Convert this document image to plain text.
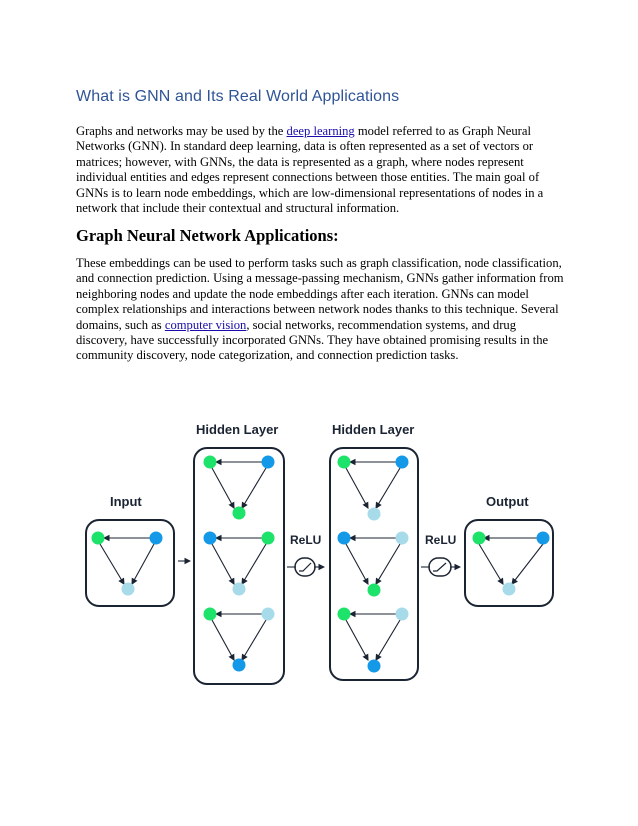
What is GNN and Its Real World Applications

Graphs and networks may be used by the deep learning model referred to as Graph Neural Networks (GNN). In standard deep learning, data is often represented as a set of vectors or matrices; however, with GNNs, the data is represented as a graph, where nodes represent individual entities and edges represent connections between those entities. The main goal of GNNs is to learn node embeddings, which are low-dimensional representations of nodes in a network that include their contextual and structural information.

Graph Neural Network Applications:

These embeddings can be used to perform tasks such as graph classification, node classification, and connection prediction. Using a message-passing mechanism, GNNs gather information from neighboring nodes and update the node embeddings after each iteration. GNNs can model complex relationships and interactions between network nodes thanks to this technique. Several domains, such as computer vision, social networks, recommendation systems, and drug discovery, have successfully incorporated GNNs. They have obtained promising results in the community discovery, node categorization, and connection prediction tasks.

Input
Hidden Layer	Hidden Layer
Output
ReLU	ReLU
